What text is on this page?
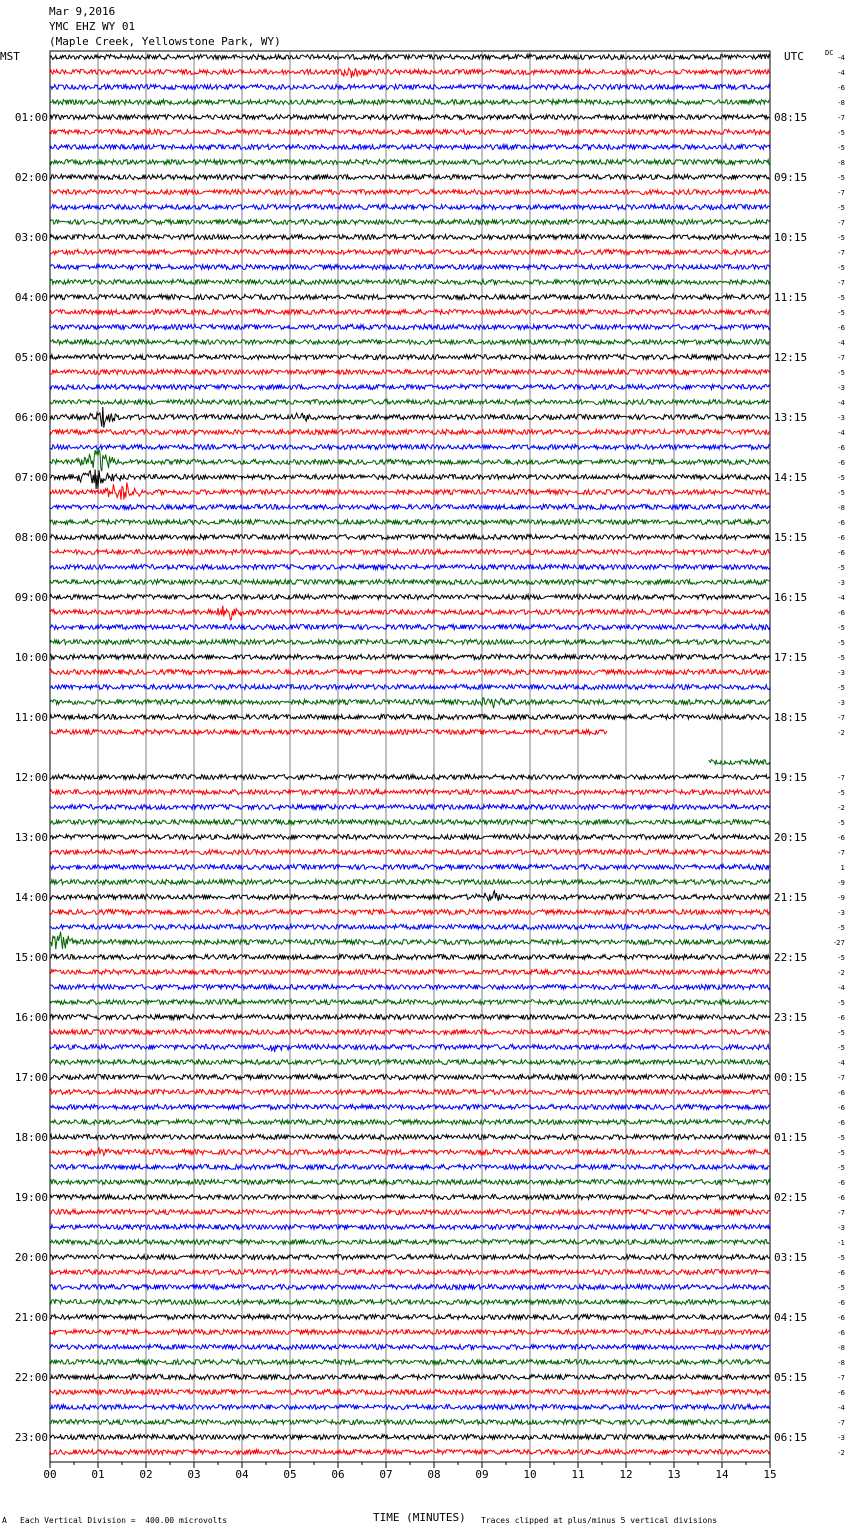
Mar 9,2016
YMC EHZ WY 01
(Maple Creek, Yellowstone Park, WY)
MST	UTC	DC
-4
-4
-6
-8
-7
01:00	08:15
-5
-5
-8
-5
02:00	09:15
-7
-5
-7
-5
03:00	10:15
-7
-5
-7
-5
04:00	11:15
-5
-6
-4
-7
05:00	12:15
-5
-3
-4
-3
06:00	13:15
-4
-6
-6
-5
07:00	14:15
-5
-8
-6
-6
08:00	15:15
-6
-5
-3
-4
09:00	16:15
-6
-5
-5
-5
10:00	17:15
-3
-5
-3
-7
11:00	18:15
-2
-7
12:00	19:15
-5
-2
-5
-6
13:00	20:15
-7
1
-9
-9
14:00	21:15
-3
-5
-27
-5
15:00	22:15
-2
-4
-5
-6
16:00	23:15
-5
-5
-4
-7
17:00	00:15
-6
-6
-6
-5
18:00	01:15
-5
-5
-6
-6
19:00	02:15
-7
-3
-1
-5
20:00	03:15
-6
-5
-6
-6
21:00	04:15
-6
-8
-8
-7
22:00	05:15
-6
-4
-7
-3
23:00	06:15
-2
00	01	02	03	04	05	06	07	08	09	10	11	12	13	14	15
TIME (MINUTES)
A Each Vertical Division =  400.00 microvolts	Traces clipped at plus/minus 5 vertical divisions
